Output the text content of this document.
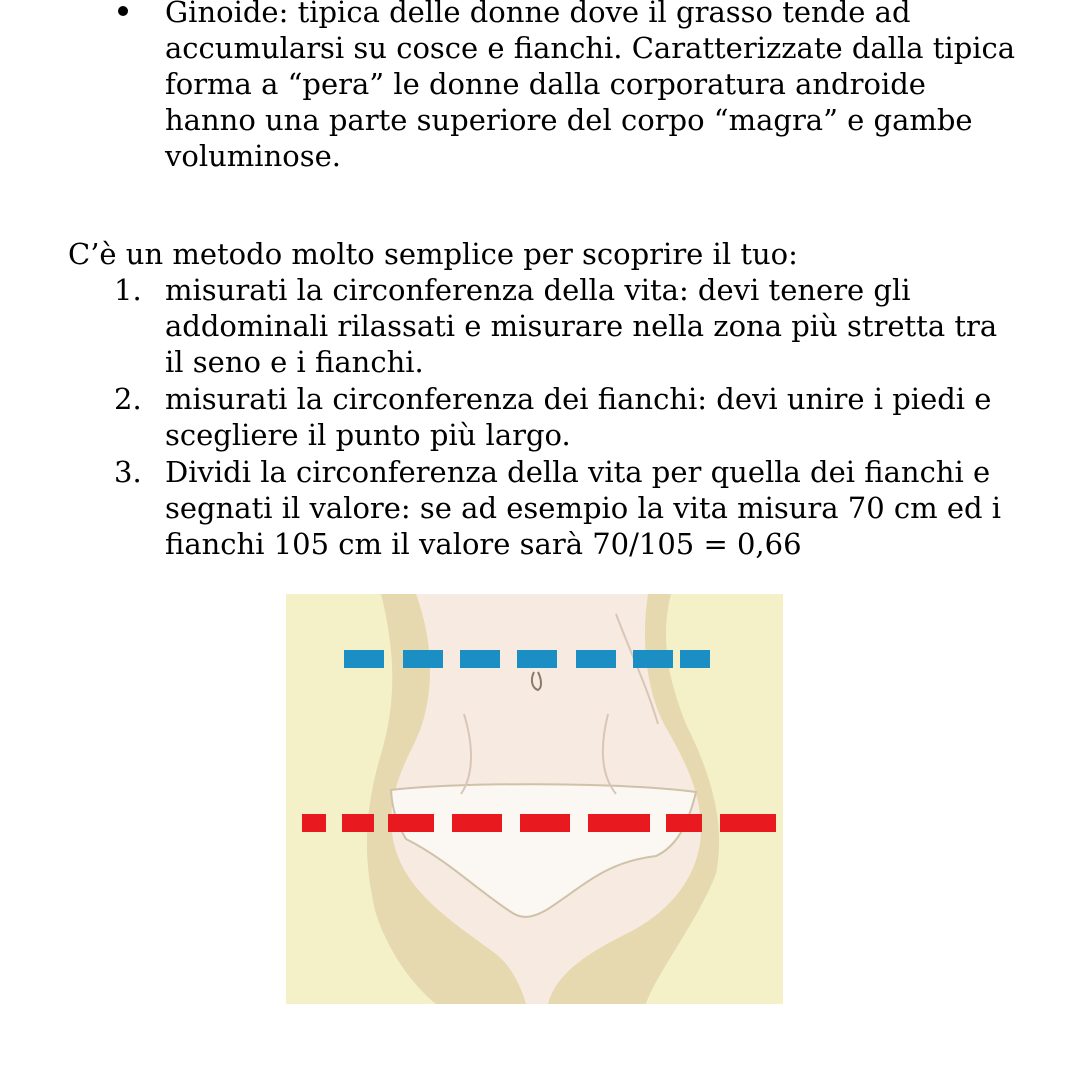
Ginoide: tipica delle donne dove il grasso tende ad accumularsi su cosce e fianchi. Caratterizzate dalla tipica forma a “pera” le donne dalla corporatura androide hanno una parte superiore del corpo “magra” e gambe voluminose.
C’è un metodo molto semplice per scoprire il tuo:
1. misurati la circonferenza della vita: devi tenere gli addominali rilassati e misurare nella zona più stretta tra il seno e i fianchi.
2. misurati la circonferenza dei fianchi: devi unire i piedi e scegliere il punto più largo.
3. Dividi la circonferenza della vita per quella dei fianchi e segnati il valore: se ad esempio la vita misura 70 cm ed i fianchi 105 cm il valore sarà 70/105 = 0,66
